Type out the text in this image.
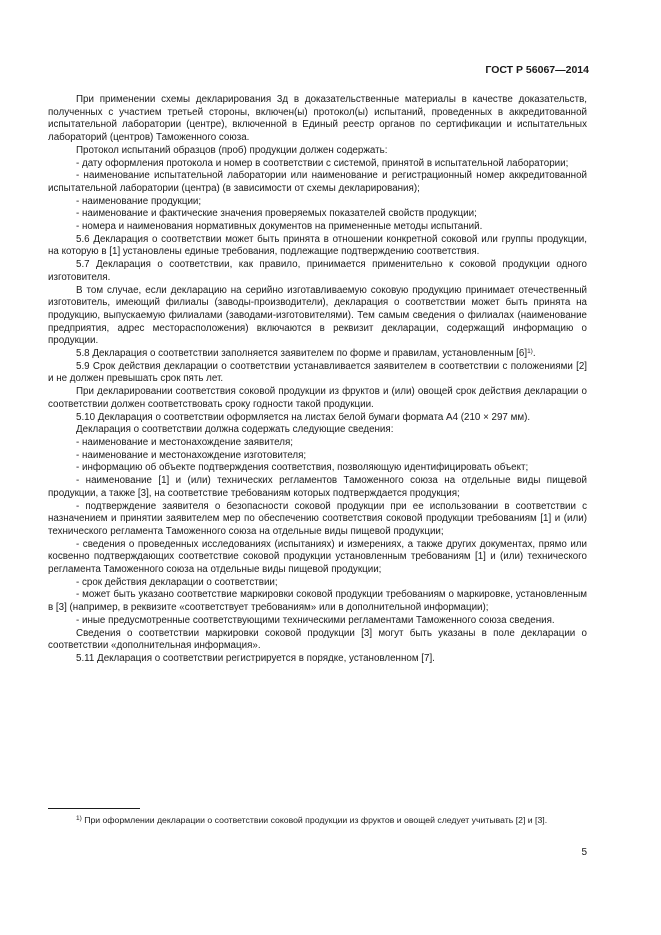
ГОСТ Р 56067—2014

При применении схемы декларирования 3д в доказательственные материалы в качестве доказательств, полученных с участием третьей стороны, включен(ы) протокол(ы) испытаний, проведенных в аккредитованной испытательной лаборатории (центре), включенной в Единый реестр органов по сертификации и испытательных лабораторий (центров) Таможенного союза.

Протокол испытаний образцов (проб) продукции должен содержать:

- дату оформления протокола и номер в соответствии с системой, принятой в испытательной лаборатории;

- наименование испытательной лаборатории или наименование и регистрационный номер аккредитованной испытательной лаборатории (центра) (в зависимости от схемы декларирования);

- наименование продукции;

- наименование и фактические значения проверяемых показателей свойств продукции;

- номера и наименования нормативных документов на примененные методы испытаний.

5.6 Декларация о соответствии может быть принята в отношении конкретной соковой или группы продукции, на которую в [1] установлены единые требования, подлежащие подтверждению соответствия.

5.7 Декларация о соответствии, как правило, принимается применительно к соковой продукции одного изготовителя.

В том случае, если декларацию на серийно изготавливаемую соковую продукцию принимает отечественный изготовитель, имеющий филиалы (заводы-производители), декларация о соответствии может быть принята на продукцию, выпускаемую филиалами (заводами-изготовителями). Тем самым сведения о филиалах (наименование предприятия, адрес месторасположения) включаются в реквизит декларации, содержащий информацию о продукции.

5.8 Декларация о соответствии заполняется заявителем по форме и правилам, установленным $[6]^{1)}$.

5.9 Срок действия декларации о соответствии устанавливается заявителем в соответствии с положениями [2] и не должен превышать срок пять лет.

При декларировании соответствия соковой продукции из фруктов и (или) овощей срок действия декларации о соответствии должен соответствовать сроку годности такой продукции.

5.10 Декларация о соответствии оформляется на листах белой бумаги формата А4 (210 × 297 мм).

Декларация о соответствии должна содержать следующие сведения:

- наименование и местонахождение заявителя;

- наименование и местонахождение изготовителя;

- информацию об объекте подтверждения соответствия, позволяющую идентифицировать объект;

- наименование [1] и (или) технических регламентов Таможенного союза на отдельные виды пищевой продукции, а также [3], на соответствие требованиям которых подтверждается продукция;

- подтверждение заявителя о безопасности соковой продукции при ее использовании в соответствии с назначением и принятии заявителем мер по обеспечению соответствия соковой продукции требованиям [1] и (или) технического регламента Таможенного союза на отдельные виды пищевой продукции;

- сведения о проведенных исследованиях (испытаниях) и измерениях, а также других документах, прямо или косвенно подтверждающих соответствие соковой продукции установленным требованиям [1] и (или) технического регламента Таможенного союза на отдельные виды пищевой продукции;

- срок действия декларации о соответствии;

- может быть указано соответствие маркировки соковой продукции требованиям о маркировке, установленным в [3] (например, в реквизите «соответствует требованиям» или в дополнительной информации);

- иные предусмотренные соответствующими техническими регламентами Таможенного союза сведения.

Сведения о соответствии маркировки соковой продукции [3] могут быть указаны в поле декларации о соответствии «дополнительная информация».

5.11 Декларация о соответствии регистрируется в порядке, установленном [7].

$^{1)}$ При оформлении декларации о соответствии соковой продукции из фруктов и овощей следует учитывать [2] и [3].
5
